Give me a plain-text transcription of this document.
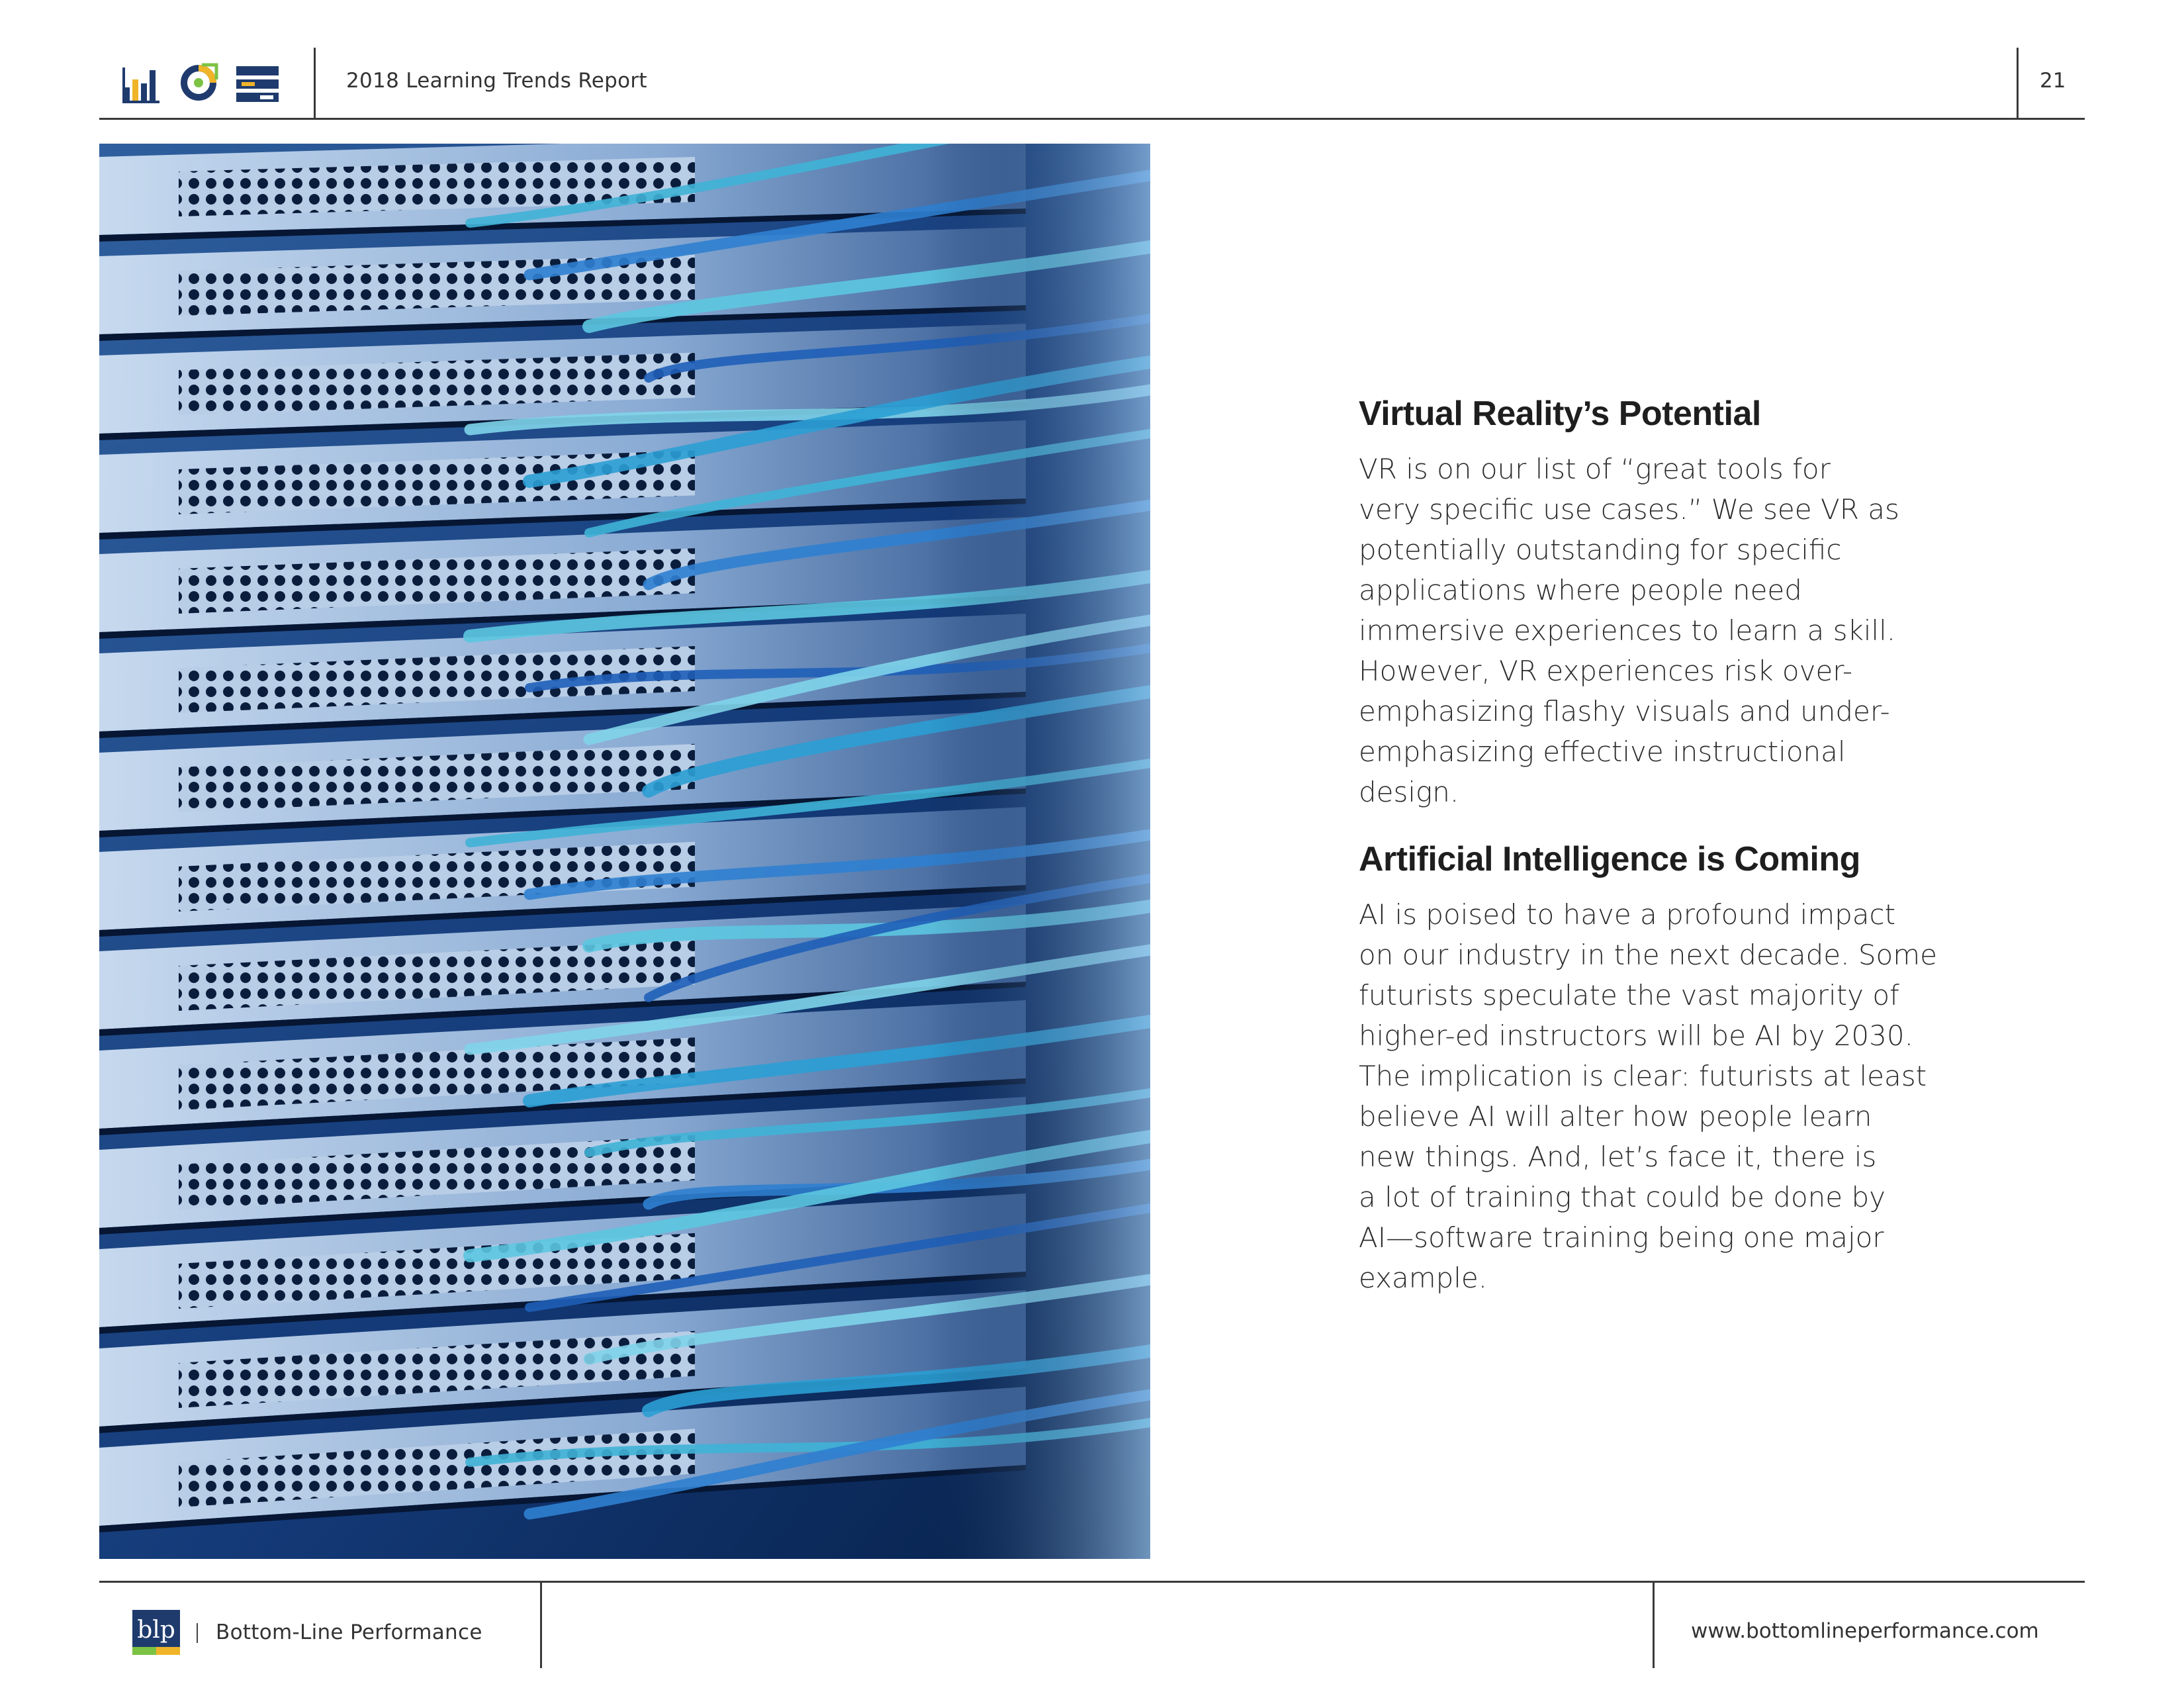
2018 Learning Trends Report	21
Virtual Reality’s Potential

VR is on our list of “great tools for
very specific use cases.” We see VR as
potentially outstanding for specific
applications where people need
immersive experiences to learn a skill.
However, VR experiences risk over-
emphasizing flashy visuals and under-
emphasizing effective instructional
design.

Artificial Intelligence is Coming

AI is poised to have a profound impact
on our industry in the next decade. Some
futurists speculate the vast majority of
higher-ed instructors will be AI by 2030.
The implication is clear: futurists at least
believe AI will alter how people learn
new things. And, let’s face it, there is
a lot of training that could be done by
AI—software training being one major
example.

blp Bottom-Line Performance	www.bottomlineperformance.com
